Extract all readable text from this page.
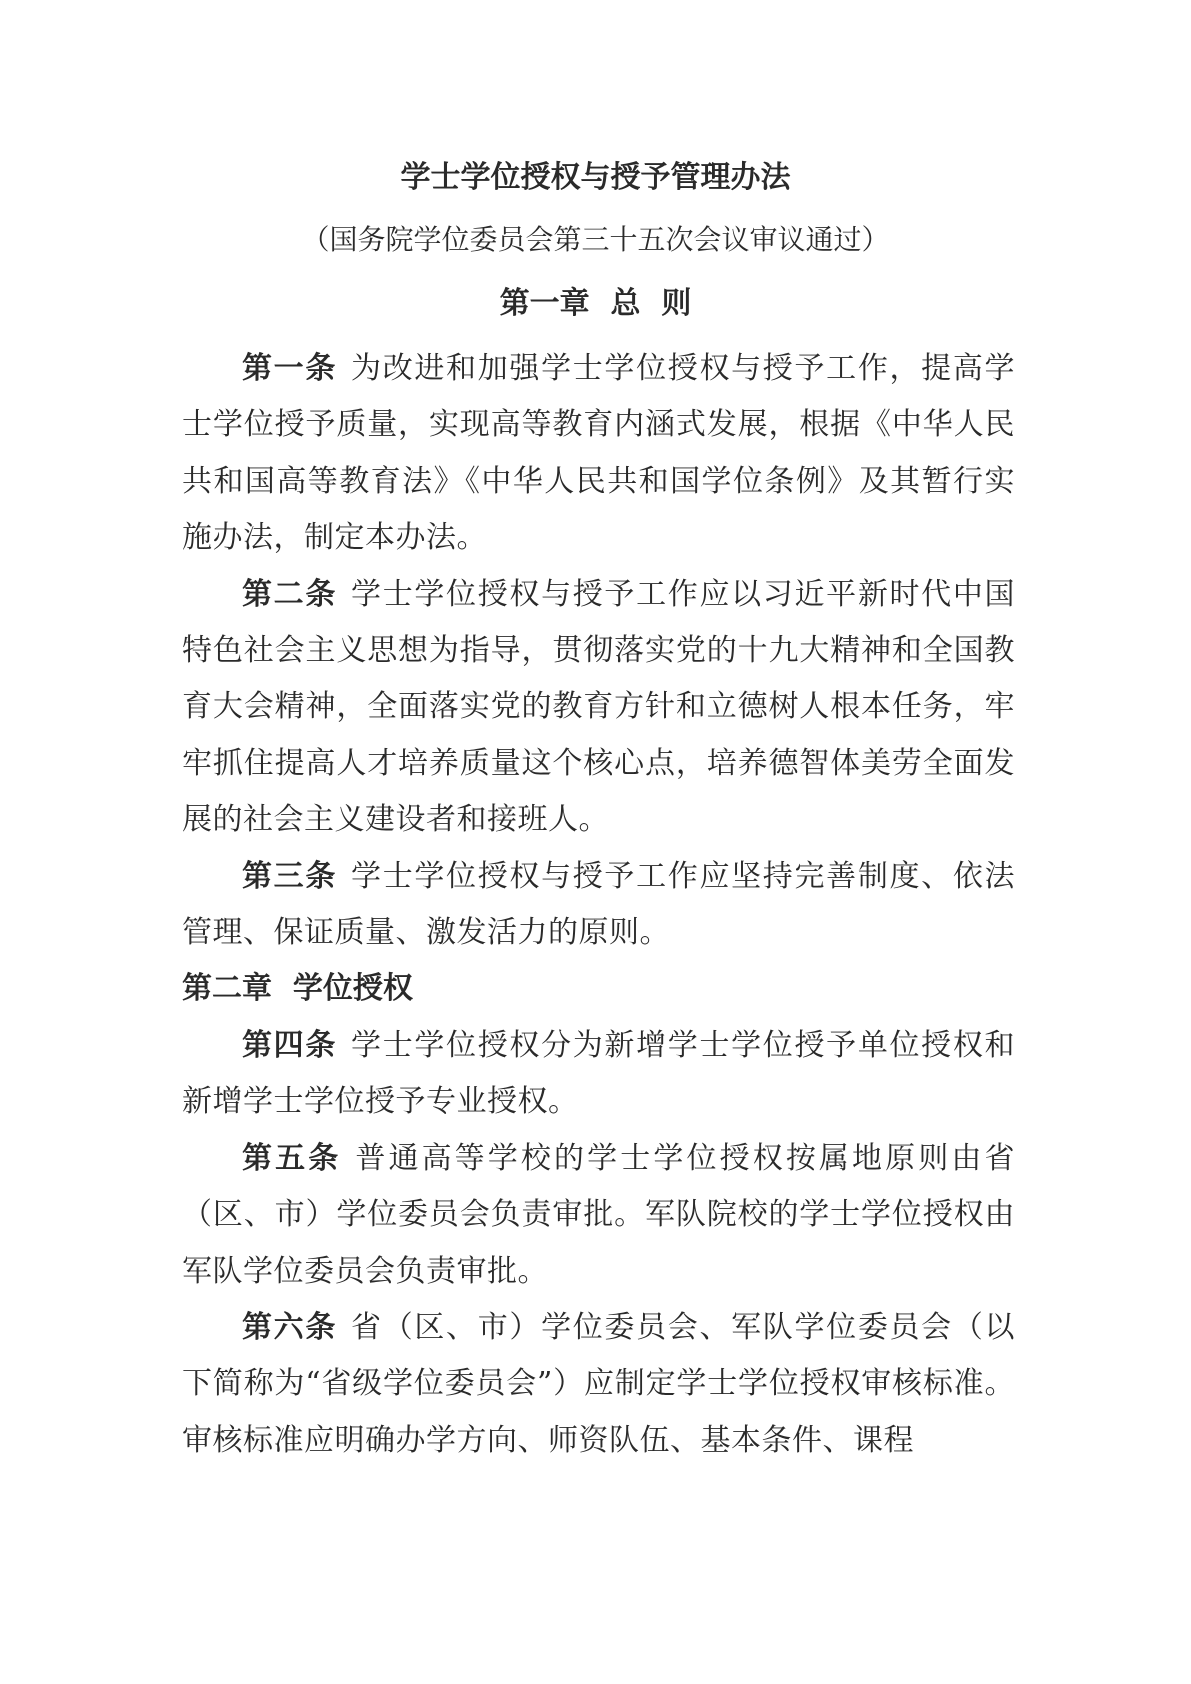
学士学位授权与授予管理办法
（国务院学位委员会第三十五次会议审议通过）
第一章  总  则

第一条 为改进和加强学士学位授权与授予工作，提高学士学位授予质量，实现高等教育内涵式发展，根据《中华人民共和国高等教育法》《中华人民共和国学位条例》及其暂行实施办法，制定本办法。

第二条 学士学位授权与授予工作应以习近平新时代中国特色社会主义思想为指导，贯彻落实党的十九大精神和全国教育大会精神，全面落实党的教育方针和立德树人根本任务，牢牢抓住提高人才培养质量这个核心点，培养德智体美劳全面发展的社会主义建设者和接班人。

第三条 学士学位授权与授予工作应坚持完善制度、依法管理、保证质量、激发活力的原则。

第二章  学位授权

第四条 学士学位授权分为新增学士学位授予单位授权和新增学士学位授予专业授权。

第五条 普通高等学校的学士学位授权按属地原则由省（区、市）学位委员会负责审批。军队院校的学士学位授权由军队学位委员会负责审批。

第六条 省（区、市）学位委员会、军队学位委员会（以下简称为“省级学位委员会”）应制定学士学位授权审核标准。审核标准应明确办学方向、师资队伍、基本条件、课程
